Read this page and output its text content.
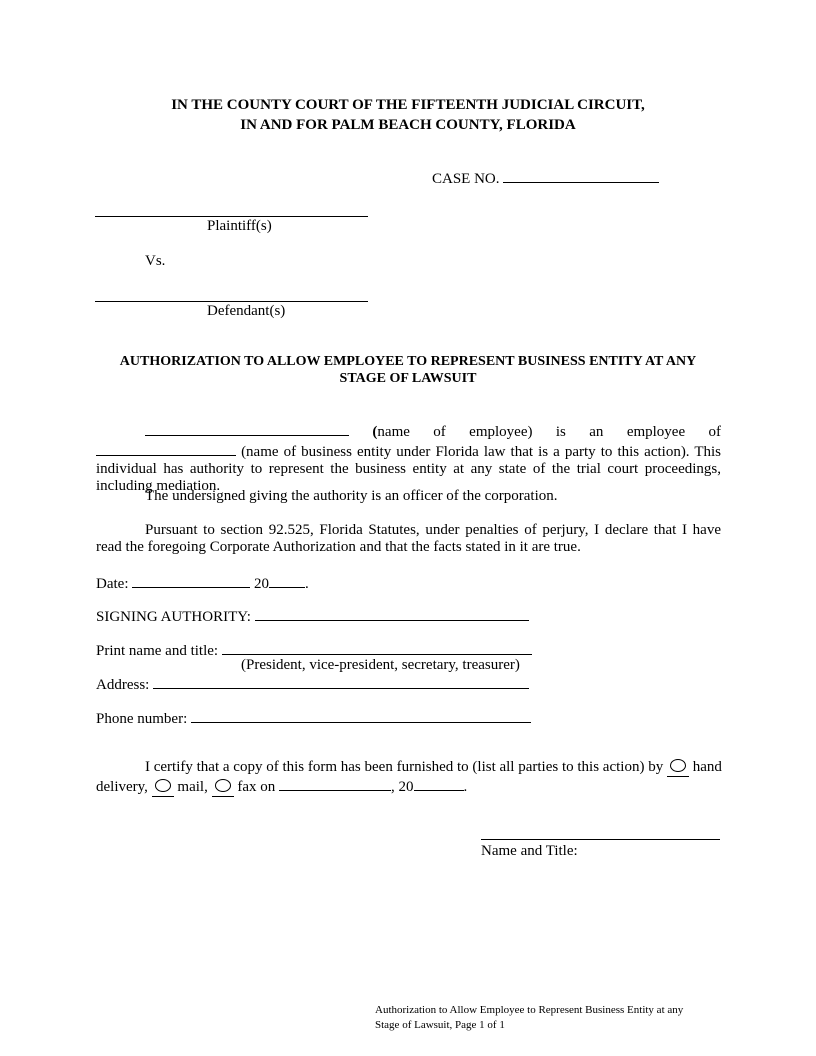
IN THE COUNTY COURT OF THE FIFTEENTH JUDICIAL CIRCUIT,
IN AND FOR PALM BEACH COUNTY, FLORIDA
CASE NO.
Plaintiff(s)
Vs.
Defendant(s)
AUTHORIZATION TO ALLOW EMPLOYEE TO REPRESENT BUSINESS ENTITY AT ANY
STAGE OF LAWSUIT
(name of employee) is an employee of  (name of business entity under Florida law that is a party to this action). This individual has authority to represent the business entity at any state of the trial court proceedings, including mediation.
The undersigned giving the authority is an officer of the corporation.
Pursuant to section 92.525, Florida Statutes, under penalties of perjury, I declare that I have read the foregoing Corporate Authorization and that the facts stated in it are true.
Date:	20 .
SIGNING AUTHORITY:
Print name and title:
(President, vice-president, secretary, treasurer)
Address:
Phone number:
I certify that a copy of this form has been furnished to (list all parties to this action) by hand
delivery, mail, fax on	, 20	.
Name and Title:
Authorization to Allow Employee to Represent Business Entity at any
Stage of Lawsuit, Page 1 of 1
